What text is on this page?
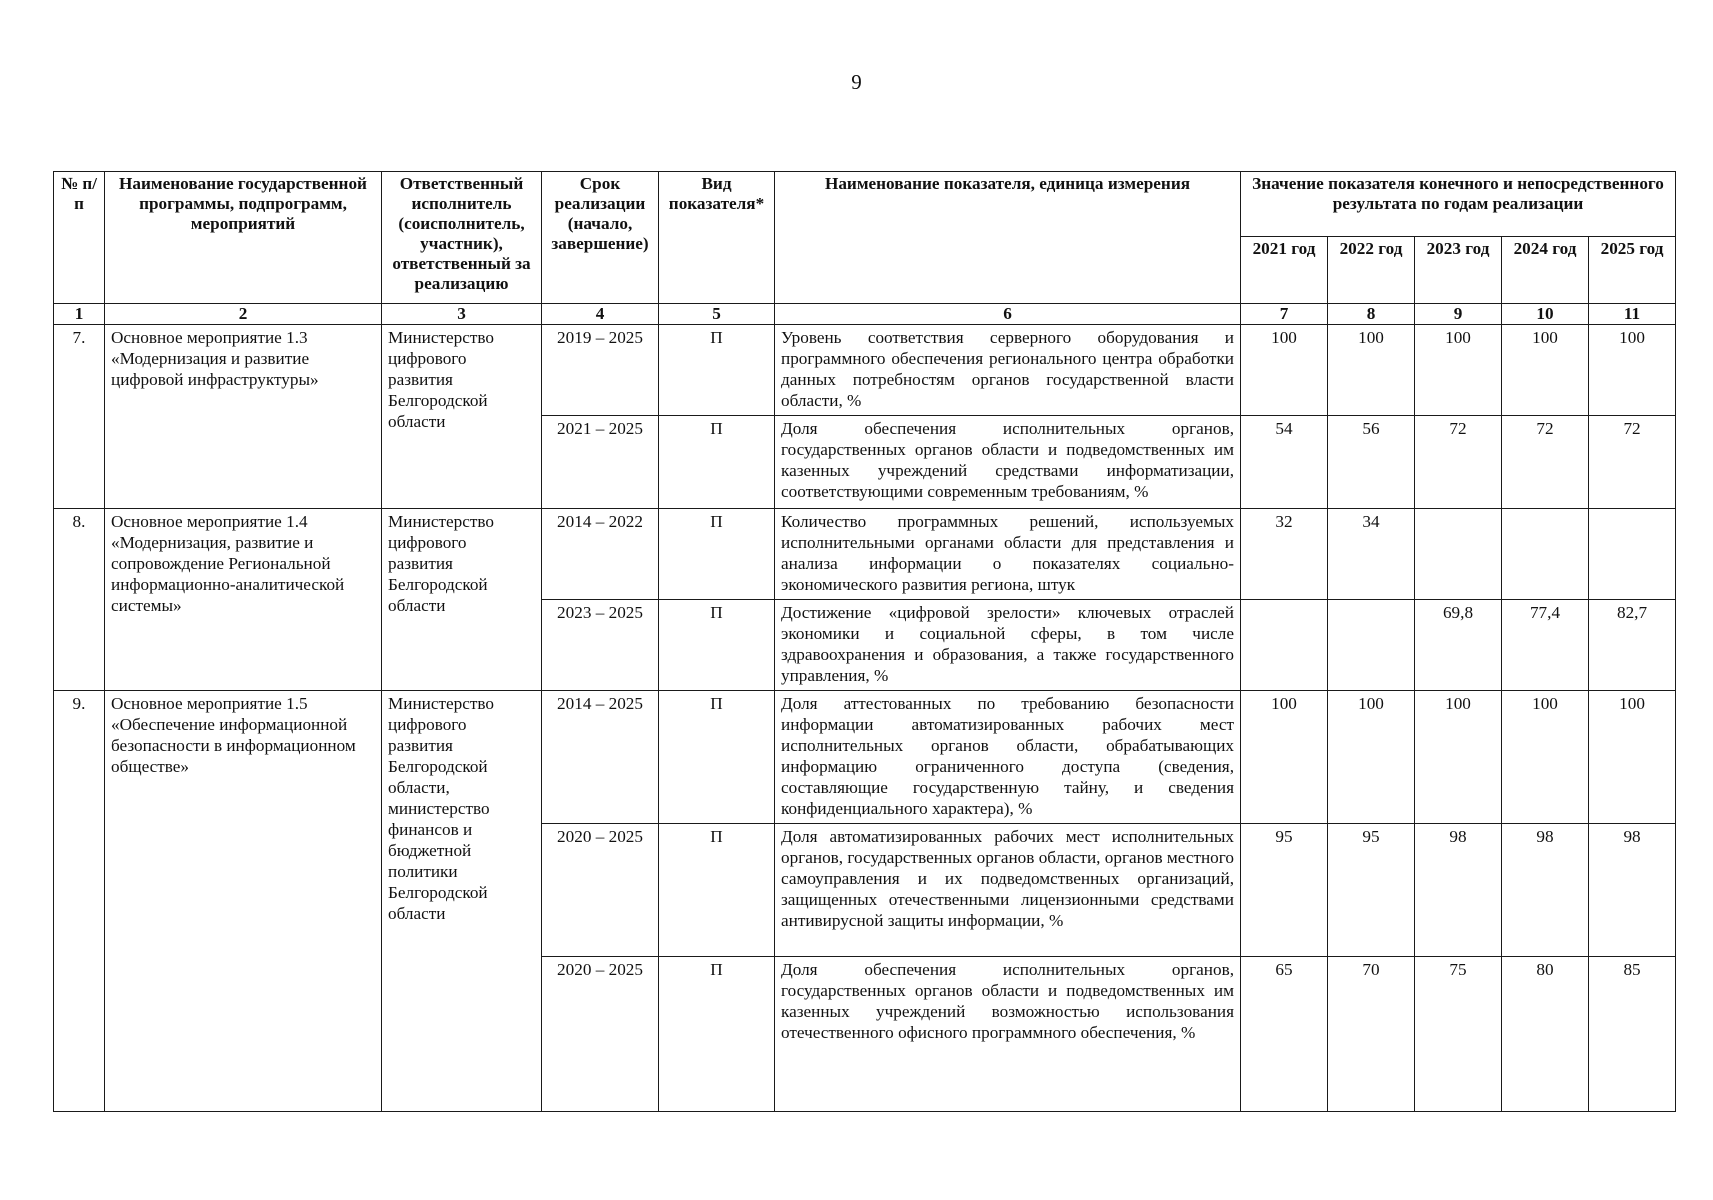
9
№ п/п	Наименование государственной программы, подпрограмм, мероприятий	Ответственный исполнитель (соисполнитель, участник), ответственный за реализацию	Срок реализации (начало, завершение)	Вид показателя*	Наименование показателя, единица измерения	Значение показателя конечного и непосредственного результата по годам реализации				
						2021 год	2022 год	2023 год	2024 год	2025 год
1	2	3	4	5	6	7	8	9	10	11
7.	Основное мероприятие 1.3 «Модернизация и развитие цифровой инфраструктуры»	Министерство цифрового развития Белгородской области	2019 – 2025	П	Уровень соответствия серверного оборудования и программного обеспечения регионального центра обработки данных потребностям органов государственной власти области, %	100	100	100	100	100
			2021 – 2025	П	Доля обеспечения исполнительных органов, государственных органов области и подведомственных им казенных учреждений средствами информатизации, соответствующими современным требованиям, %	54	56	72	72	72
8.	Основное мероприятие 1.4 «Модернизация, развитие и сопровождение Региональной информационно-аналитической системы»	Министерство цифрового развития Белгородской области	2014 – 2022	П	Количество программных решений, используемых исполнительными органами области для представления и анализа информации о показателях социально-экономического развития региона, штук	32	34			
			2023 – 2025	П	Достижение «цифровой зрелости» ключевых отраслей экономики и социальной сферы, в том числе здравоохранения и образования, а также государственного управления, %			69,8	77,4	82,7
9.	Основное мероприятие 1.5 «Обеспечение информационной безопасности в информационном обществе»	Министерство цифрового развития Белгородской области, министерство финансов и бюджетной политики Белгородской области	2014 – 2025	П	Доля аттестованных по требованию безопасности информации автоматизированных рабочих мест исполнительных органов области, обрабатывающих информацию ограниченного доступа (сведения, составляющие государственную тайну, и сведения конфиденциального характера), %	100	100	100	100	100
			2020 – 2025	П	Доля автоматизированных рабочих мест исполнительных органов, государственных органов области, органов местного самоуправления и их подведомственных организаций, защищенных отечественными лицензионными средствами антивирусной защиты информации, %	95	95	98	98	98
			2020 – 2025	П	Доля обеспечения исполнительных органов, государственных органов области и подведомственных им казенных учреждений возможностью использования отечественного офисного программного обеспечения, %	65	70	75	80	85
